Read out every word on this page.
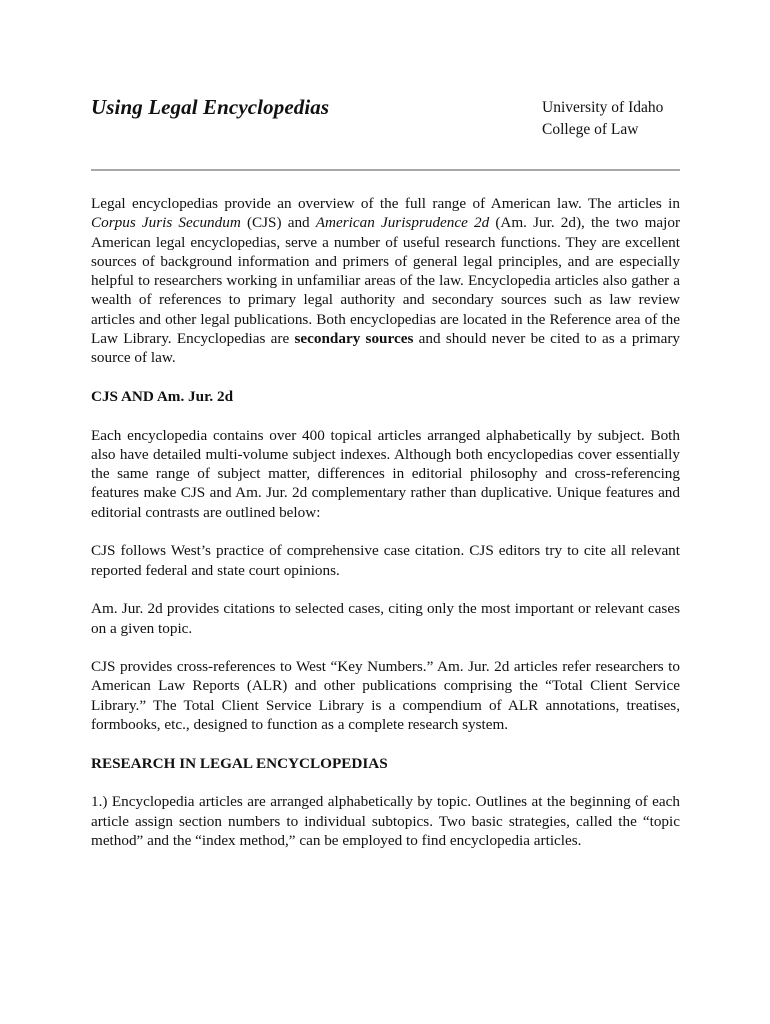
Using Legal Encyclopedias	University of Idaho
College of Law

Legal encyclopedias provide an overview of the full range of American law. The articles in Corpus Juris Secundum (CJS) and American Jurisprudence 2d (Am. Jur. 2d), the two major American legal encyclopedias, serve a number of useful research functions. They are excellent sources of background information and primers of general legal principles, and are especially helpful to researchers working in unfamiliar areas of the law. Encyclopedia articles also gather a wealth of references to primary legal authority and secondary sources such as law review articles and other legal publications. Both encyclopedias are located in the Reference area of the Law Library. Encyclopedias are secondary sources and should never be cited to as a primary source of law.

CJS AND Am. Jur. 2d

Each encyclopedia contains over 400 topical articles arranged alphabetically by subject. Both also have detailed multi-volume subject indexes. Although both encyclopedias cover essentially the same range of subject matter, differences in editorial philosophy and cross-referencing features make CJS and Am. Jur. 2d complementary rather than duplicative. Unique features and editorial contrasts are outlined below:

CJS follows West’s practice of comprehensive case citation. CJS editors try to cite all relevant reported federal and state court opinions.

Am. Jur. 2d provides citations to selected cases, citing only the most important or relevant cases on a given topic.

CJS provides cross-references to West “Key Numbers.” Am. Jur. 2d articles refer researchers to American Law Reports (ALR) and other publications comprising the “Total Client Service Library.” The Total Client Service Library is a compendium of ALR annotations, treatises, formbooks, etc., designed to function as a complete research system.

RESEARCH IN LEGAL ENCYCLOPEDIAS

1.) Encyclopedia articles are arranged alphabetically by topic. Outlines at the beginning of each article assign section numbers to individual subtopics. Two basic strategies, called the “topic method” and the “index method,” can be employed to find encyclopedia articles.
